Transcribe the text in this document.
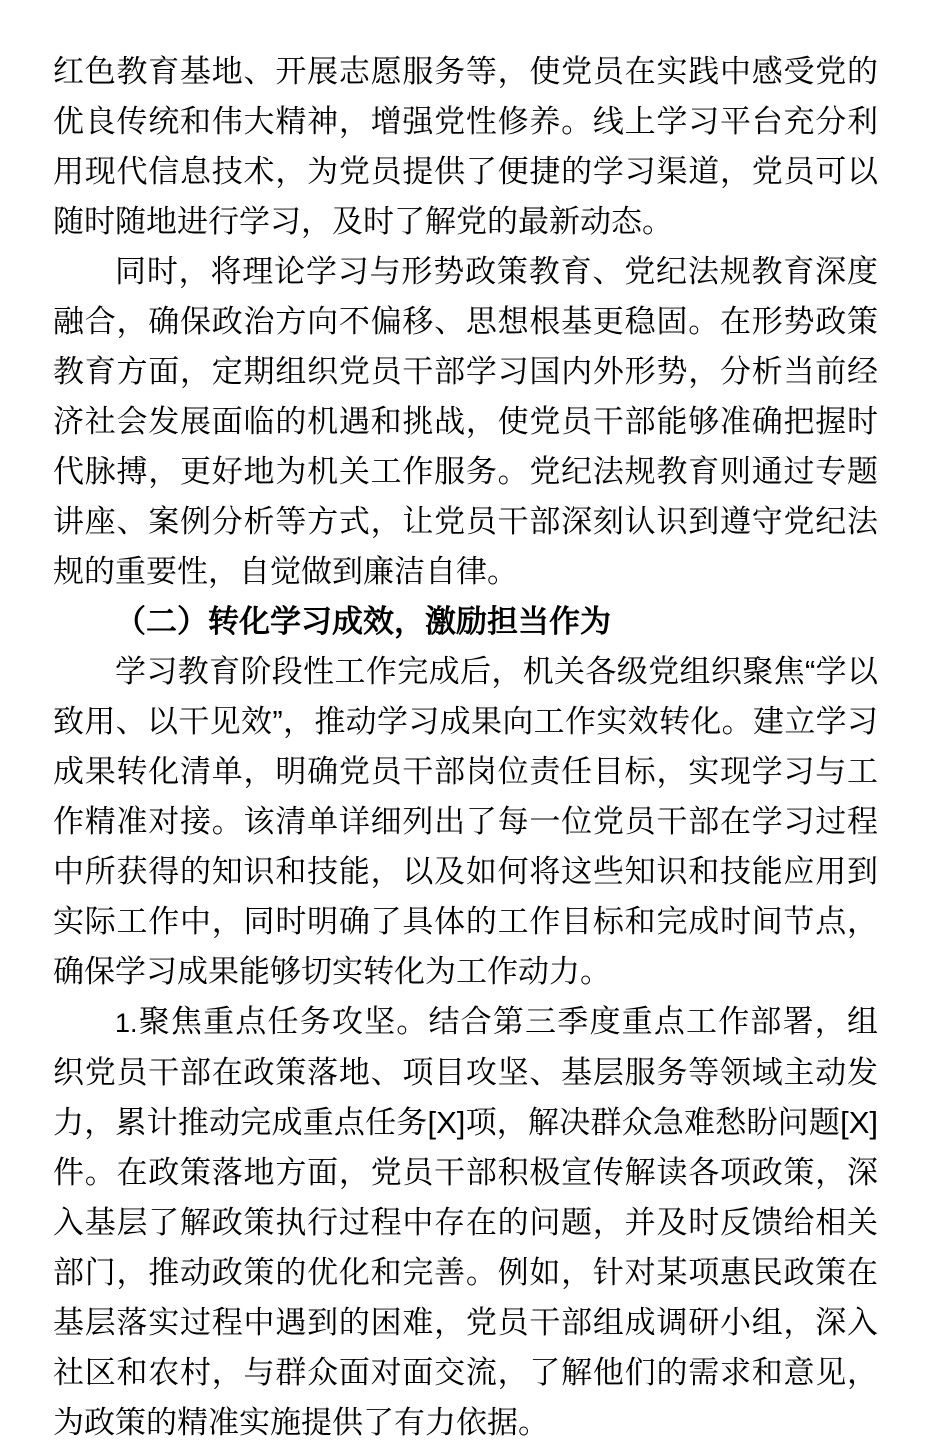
红色教育基地、开展志愿服务等，使党员在实践中感受党的优良传统和伟大精神，增强党性修养。线上学习平台充分利用现代信息技术，为党员提供了便捷的学习渠道，党员可以随时随地进行学习，及时了解党的最新动态。

同时，将理论学习与形势政策教育、党纪法规教育深度融合，确保政治方向不偏移、思想根基更稳固。在形势政策教育方面，定期组织党员干部学习国内外形势，分析当前经济社会发展面临的机遇和挑战，使党员干部能够准确把握时代脉搏，更好地为机关工作服务。党纪法规教育则通过专题讲座、案例分析等方式，让党员干部深刻认识到遵守党纪法规的重要性，自觉做到廉洁自律。

（二）转化学习成效，激励担当作为

学习教育阶段性工作完成后，机关各级党组织聚焦“学以致用、以干见效”，推动学习成果向工作实效转化。建立学习成果转化清单，明确党员干部岗位责任目标，实现学习与工作精准对接。该清单详细列出了每一位党员干部在学习过程中所获得的知识和技能，以及如何将这些知识和技能应用到实际工作中，同时明确了具体的工作目标和完成时间节点，确保学习成果能够切实转化为工作动力。

1.聚焦重点任务攻坚。结合第三季度重点工作部署，组织党员干部在政策落地、项目攻坚、基层服务等领域主动发力，累计推动完成重点任务[X]项，解决群众急难愁盼问题[X]件。在政策落地方面，党员干部积极宣传解读各项政策，深入基层了解政策执行过程中存在的问题，并及时反馈给相关部门，推动政策的优化和完善。例如，针对某项惠民政策在基层落实过程中遇到的困难，党员干部组成调研小组，深入社区和农村，与群众面对面交流，了解他们的需求和意见，为政策的精准实施提供了有力依据。
